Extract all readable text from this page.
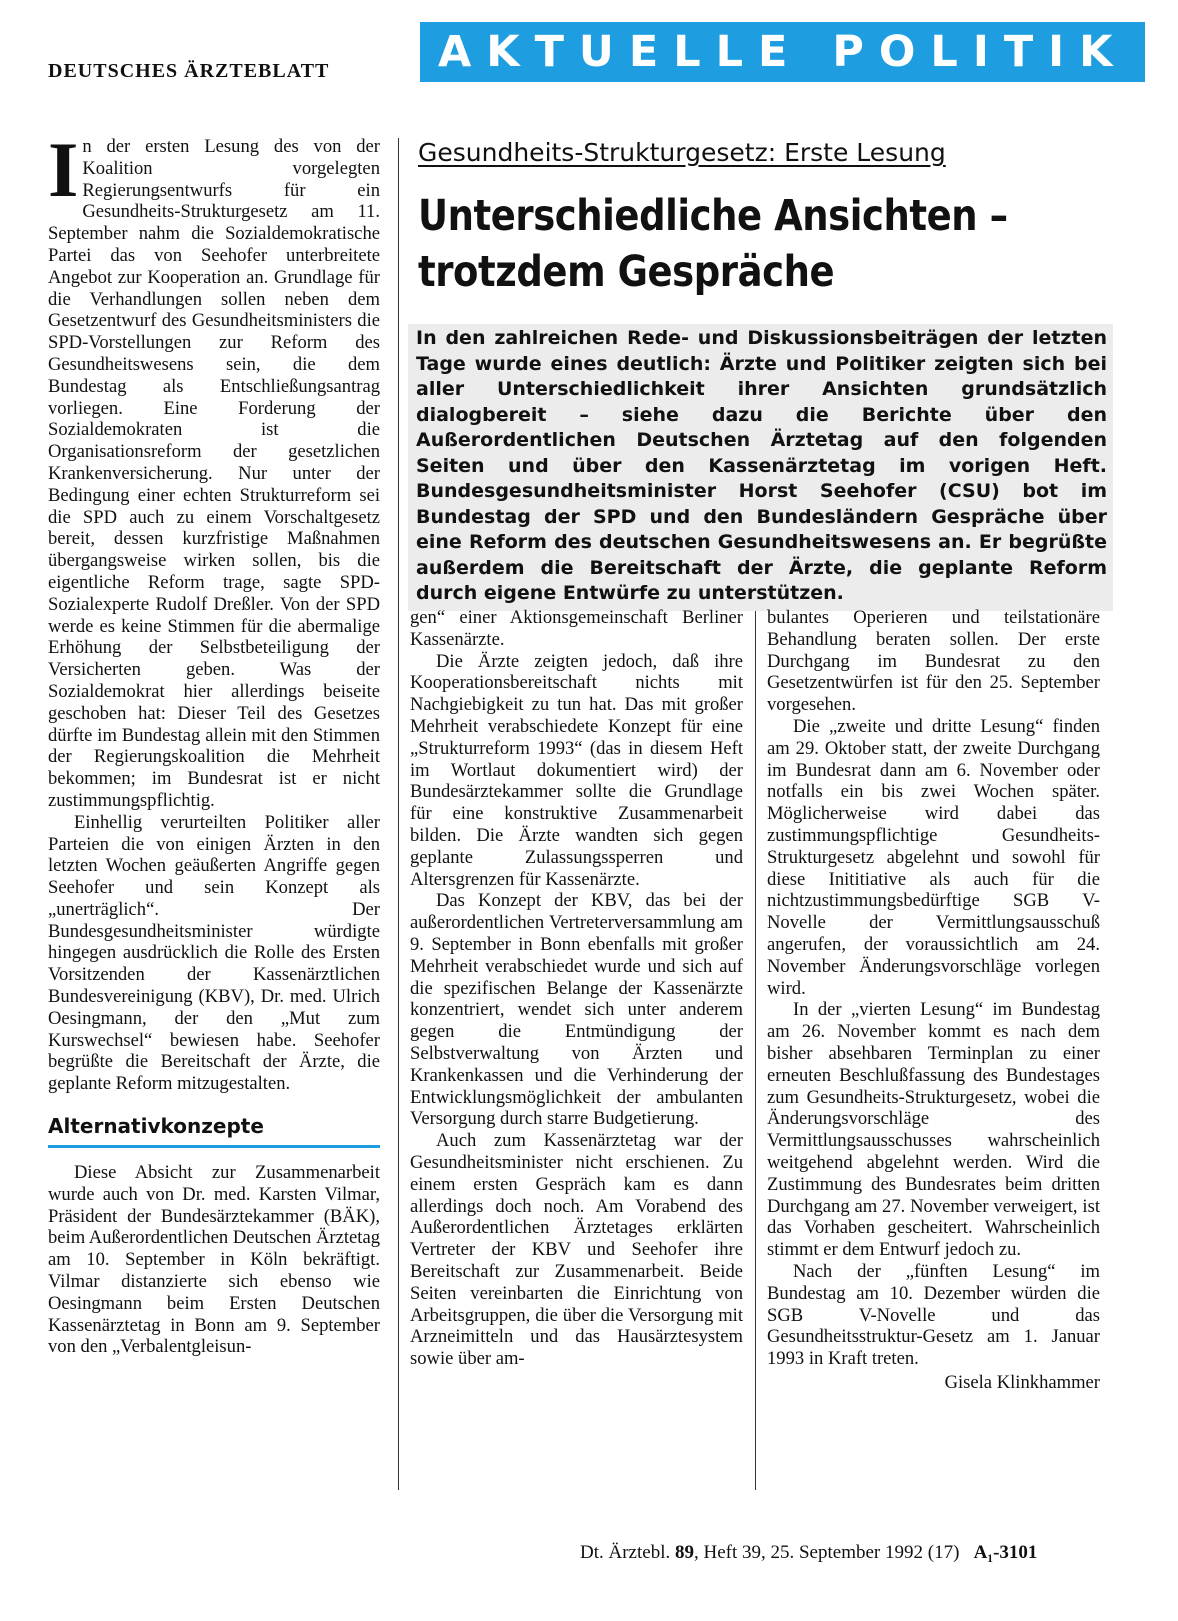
DEUTSCHES ÄRZTEBLATT	AKTUELLE POLITIK
Gesundheits-Strukturgesetz: Erste Lesung
Unterschiedliche Ansichten –
trotzdem Gespräche
In den zahlreichen Rede- und Diskussionsbeiträgen der letzten Tage wurde eines deutlich: Ärzte und Politiker zeigten sich bei aller Unterschiedlichkeit ihrer Ansichten grundsätzlich dialogbereit – siehe dazu die Berichte über den Außerordentlichen Deutschen Ärztetag auf den folgenden Seiten und über den Kassenärztetag im vorigen Heft. Bundesgesundheitsminister Horst Seehofer (CSU) bot im Bundestag der SPD und den Bundesländern Gespräche über eine Reform des deutschen Gesundheitswesens an. Er begrüßte außerdem die Bereitschaft der Ärzte, die geplante Reform durch eigene Entwürfe zu unterstützen.

In der ersten Lesung des von der Koalition vorgelegten Regierungsentwurfs für ein Gesundheits-Strukturgesetz am 11. September nahm die Sozialdemokratische Partei das von Seehofer unterbreitete Angebot zur Kooperation an. Grundlage für die Verhandlungen sollen neben dem Gesetzentwurf des Gesundheitsministers die SPD-Vorstellungen zur Reform des Gesundheitswesens sein, die dem Bundestag als Entschließungsantrag vorliegen. Eine Forderung der Sozialdemokraten ist die Organisationsreform der gesetzlichen Krankenversicherung. Nur unter der Bedingung einer echten Strukturreform sei die SPD auch zu einem Vorschaltgesetz bereit, dessen kurzfristige Maßnahmen übergangsweise wirken sollen, bis die eigentliche Reform trage, sagte SPD-Sozialexperte Rudolf Dreßler. Von der SPD werde es keine Stimmen für die abermalige Erhöhung der Selbstbeteiligung der Versicherten geben. Was der Sozialdemokrat hier allerdings beiseite geschoben hat: Dieser Teil des Gesetzes dürfte im Bundestag allein mit den Stimmen der Regierungskoalition die Mehrheit bekommen; im Bundesrat ist er nicht zustimmungspflichtig.

Einhellig verurteilten Politiker aller Parteien die von einigen Ärzten in den letzten Wochen geäußerten Angriffe gegen Seehofer und sein Konzept als „unerträglich“. Der Bundesgesundheitsminister würdigte hingegen ausdrücklich die Rolle des Ersten Vorsitzenden der Kassenärztlichen Bundesvereinigung (KBV), Dr. med. Ulrich Oesingmann, der den „Mut zum Kurswechsel“ bewiesen habe. Seehofer begrüßte die Bereitschaft der Ärzte, die geplante Reform mitzugestalten.

Alternativkonzepte

Diese Absicht zur Zusammenarbeit wurde auch von Dr. med. Karsten Vilmar, Präsident der Bundesärztekammer (BÄK), beim Außerordentlichen Deutschen Ärztetag am 10. September in Köln bekräftigt. Vilmar distanzierte sich ebenso wie Oesingmann beim Ersten Deutschen Kassenärztetag in Bonn am 9. September von den „Verbalentgleisun-

gen“ einer Aktionsgemeinschaft Berliner Kassenärzte.

Die Ärzte zeigten jedoch, daß ihre Kooperationsbereitschaft nichts mit Nachgiebigkeit zu tun hat. Das mit großer Mehrheit verabschiedete Konzept für eine „Strukturreform 1993“ (das in diesem Heft im Wortlaut dokumentiert wird) der Bundesärztekammer sollte die Grundlage für eine konstruktive Zusammenarbeit bilden. Die Ärzte wandten sich gegen geplante Zulassungssperren und Altersgrenzen für Kassenärzte.

Das Konzept der KBV, das bei der außerordentlichen Vertreterversammlung am 9. September in Bonn ebenfalls mit großer Mehrheit verabschiedet wurde und sich auf die spezifischen Belange der Kassenärzte konzentriert, wendet sich unter anderem gegen die Entmündigung der Selbstverwaltung von Ärzten und Krankenkassen und die Verhinderung der Entwicklungsmöglichkeit der ambulanten Versorgung durch starre Budgetierung.

Auch zum Kassenärztetag war der Gesundheitsminister nicht erschienen. Zu einem ersten Gespräch kam es dann allerdings doch noch. Am Vorabend des Außerordentlichen Ärztetages erklärten Vertreter der KBV und Seehofer ihre Bereitschaft zur Zusammenarbeit. Beide Seiten vereinbarten die Einrichtung von Arbeitsgruppen, die über die Versorgung mit Arzneimitteln und das Hausärztesystem sowie über am-

bulantes Operieren und teilstationäre Behandlung beraten sollen. Der erste Durchgang im Bundesrat zu den Gesetzentwürfen ist für den 25. September vorgesehen.

Die „zweite und dritte Lesung“ finden am 29. Oktober statt, der zweite Durchgang im Bundesrat dann am 6. November oder notfalls ein bis zwei Wochen später. Möglicherweise wird dabei das zustimmungspflichtige Gesundheits-Strukturgesetz abgelehnt und sowohl für diese Inititiative als auch für die nichtzustimmungsbedürftige SGB V-Novelle der Vermittlungsausschuß angerufen, der voraussichtlich am 24. November Änderungsvorschläge vorlegen wird.

In der „vierten Lesung“ im Bundestag am 26. November kommt es nach dem bisher absehbaren Terminplan zu einer erneuten Beschlußfassung des Bundestages zum Gesundheits-Strukturgesetz, wobei die Änderungsvorschläge des Vermittlungsausschusses wahrscheinlich weitgehend abgelehnt werden. Wird die Zustimmung des Bundesrates beim dritten Durchgang am 27. November verweigert, ist das Vorhaben gescheitert. Wahrscheinlich stimmt er dem Entwurf jedoch zu.

Nach der „fünften Lesung“ im Bundestag am 10. Dezember würden die SGB V-Novelle und das Gesundheitsstruktur-Gesetz am 1. Januar 1993 in Kraft treten.

Gisela Klinkhammer
Dt. Ärztebl. 89, Heft 39, 25. September 1992 (17) A₁-3101
